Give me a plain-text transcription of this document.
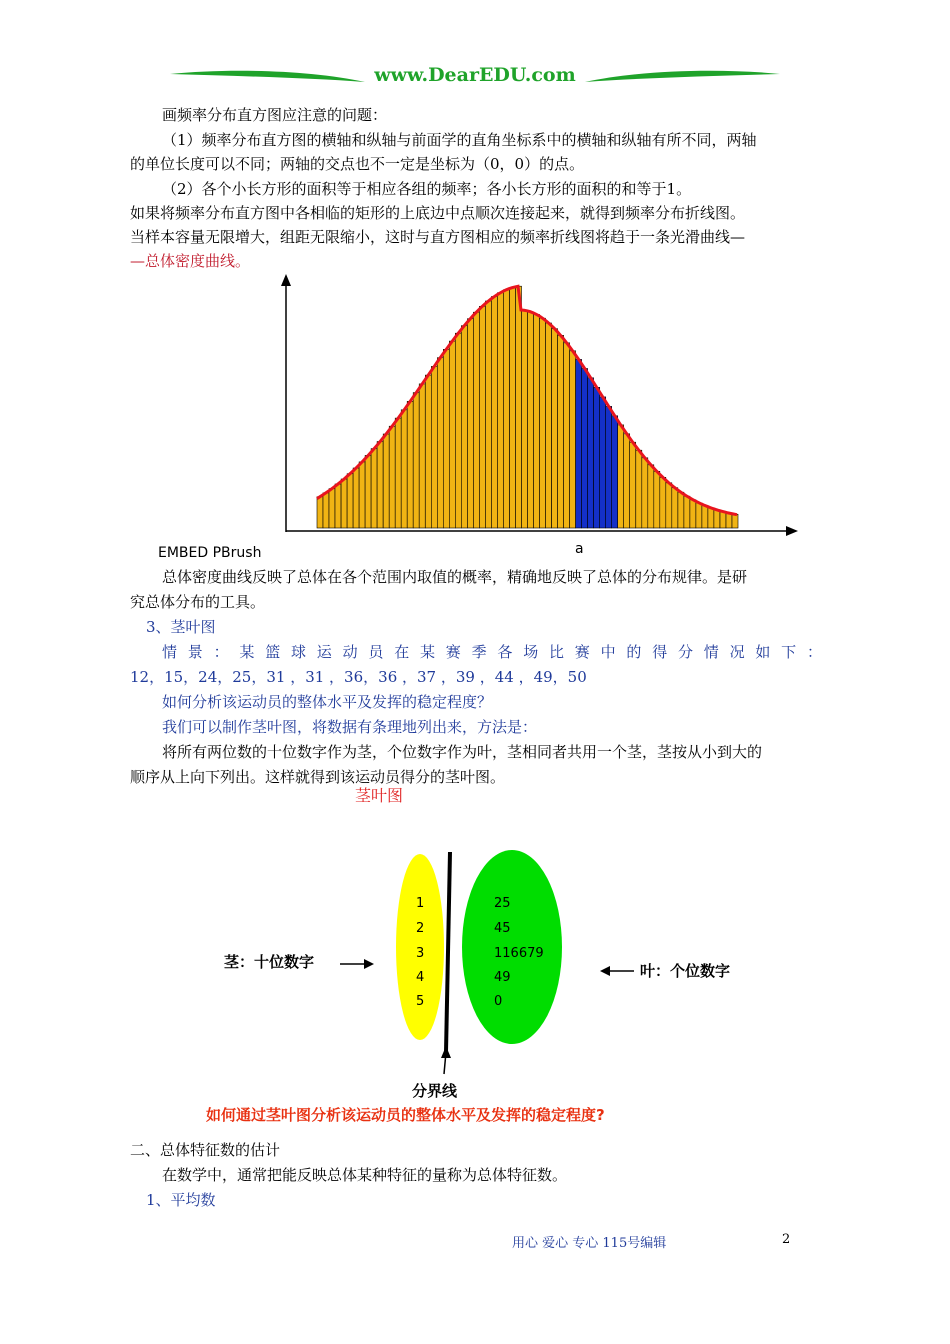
www.DearEDU.com
画频率分布直方图应注意的问题：
（1）频率分布直方图的横轴和纵轴与前面学的直角坐标系中的横轴和纵轴有所不同，两轴
的单位长度可以不同；两轴的交点也不一定是坐标为（0，0）的点。
（2）各个小长方形的面积等于相应各组的频率；各小长方形的面积的和等于1。
如果将频率分布直方图中各相临的矩形的上底边中点顺次连接起来，就得到频率分布折线图。
当样本容量无限增大，组距无限缩小，这时与直方图相应的频率折线图将趋于一条光滑曲线—
—总体密度曲线。
a
EMBED PBrush
总体密度曲线反映了总体在各个范围内取值的概率，精确地反映了总体的分布规律。是研
究总体分布的工具。
3、茎叶图
情 景 ： 某 篮 球 运 动 员 在 某 赛 季 各 场 比 赛 中 的 得 分 情 况 如 下 ：
12，15，24，25，31 ，31 ，36，36 ，37 ，39 ，44 ，49，50
如何分析该运动员的整体水平及发挥的稳定程度？
我们可以制作茎叶图，将数据有条理地列出来，方法是：
将所有两位数的十位数字作为茎，个位数字作为叶，茎相同者共用一个茎，茎按从小到大的
顺序从上向下列出。这样就得到该运动员得分的茎叶图。
茎叶图
1
2
3
4
5
25
45
116679
49
0
茎：十位数字	叶：个位数字
分界线
如何通过茎叶图分析该运动员的整体水平及发挥的稳定程度?
二、总体特征数的估计
在数学中，通常把能反映总体某种特征的量称为总体特征数。
1、平均数
用心 爱心 专心 115号编辑	2
